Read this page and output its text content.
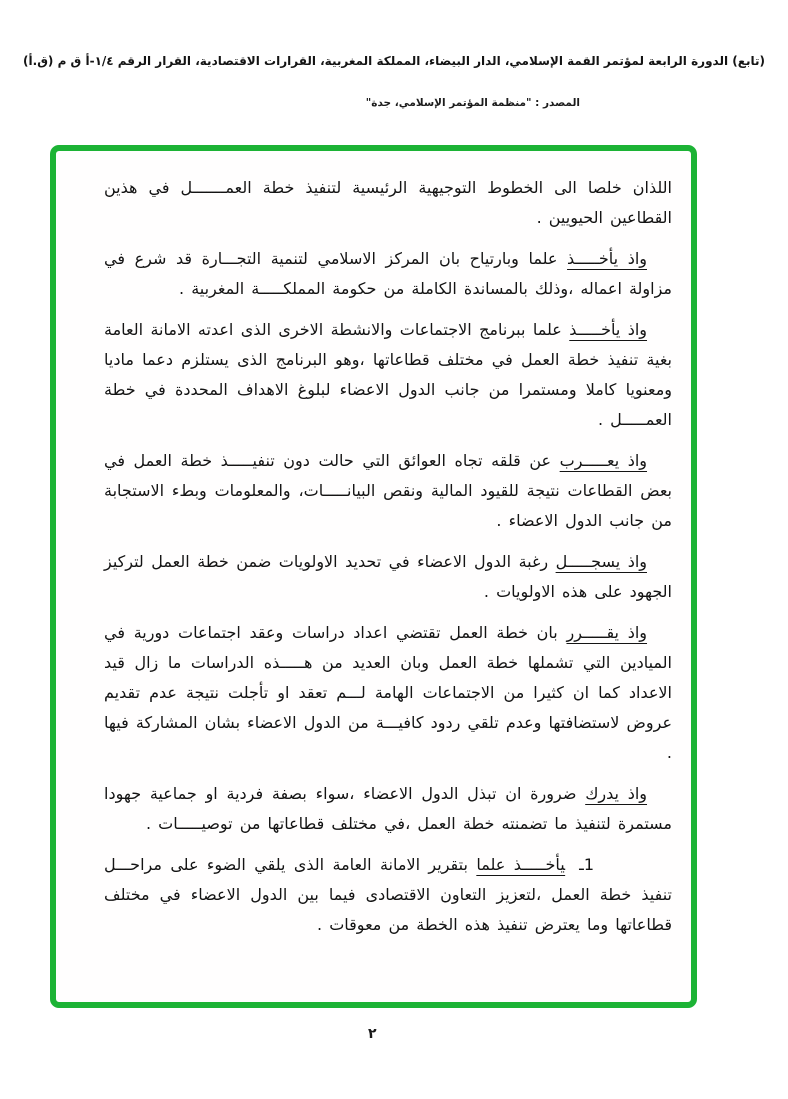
(تابع) الدورة الرابعة لمؤتمر القمة الإسلامي، الدار البيضاء، المملكة المغربية، القرارات الاقتصادية، القرار الرقم ١/٤-أ ق م (ق.أ)
المصدر : "منظمة المؤتمر الإسلامي، جدة"

اللذان خلصا الى الخطوط التوجيهية الرئيسية لتنفيذ خطة العمـــــــل في هذين القطاعين الحيويين .

واذ يأخـــــذ علما وبارتياح بان المركز الاسلامي لتنمية التجـــارة قد شرع في مزاولة اعماله ،وذلك بالمساندة الكاملة من حكومة المملكـــــة المغربية .

واذ يأخـــــذ علما ببرنامج الاجتماعات والانشطة الاخرى الذى اعدته الامانة العامة بغية تنفيذ خطة العمل في مختلف قطاعاتها ،وهو البرنامج الذى يستلزم دعما ماديا ومعنويا كاملا ومستمرا من جانب الدول الاعضاء لبلوغ الاهداف المحددة في خطة العمـــــل .

واذ يعـــــرب عن قلقه تجاه العوائق التي حالت دون تنفيـــــذ خطة العمل في بعض القطاعات نتيجة للقيود المالية ونقص البيانـــــات، والمعلومات وبطء الاستجابة من جانب الدول الاعضاء .

واذ يسجـــــل رغبة الدول الاعضاء في تحديد الاولويات ضمن خطة العمل لتركيز الجهود على هذه الاولويات .

واذ يقـــــرر بان خطة العمل تقتضي اعداد دراسات وعقد اجتماعات دورية في الميادين التي تشملها خطة العمل وبان العديد من هـــــذه الدراسات ما زال قيد الاعداد كما ان كثيرا من الاجتماعات الهامة لـــم تعقد او تأجلت نتيجة عدم تقديم عروض لاستضافتها وعدم تلقي ردود كافيـــة من الدول الاعضاء بشان المشاركة فيها .

واذ يدرك ضرورة ان تبذل الدول الاعضاء ،سواء بصفة فردية او جماعية جهودا مستمرة لتنفيذ ما تضمنته خطة العمل ،في مختلف قطاعاتها من توصيـــــات .

1ـيأخـــــذ علما بتقرير الامانة العامة الذى يلقي الضوء على مراحـــل تنفيذ خطة العمل ،لتعزيز التعاون الاقتصادى فيما بين الدول الاعضاء في مختلف قطاعاتها وما يعترض تنفيذ هذه الخطة من معوقات .

٢
